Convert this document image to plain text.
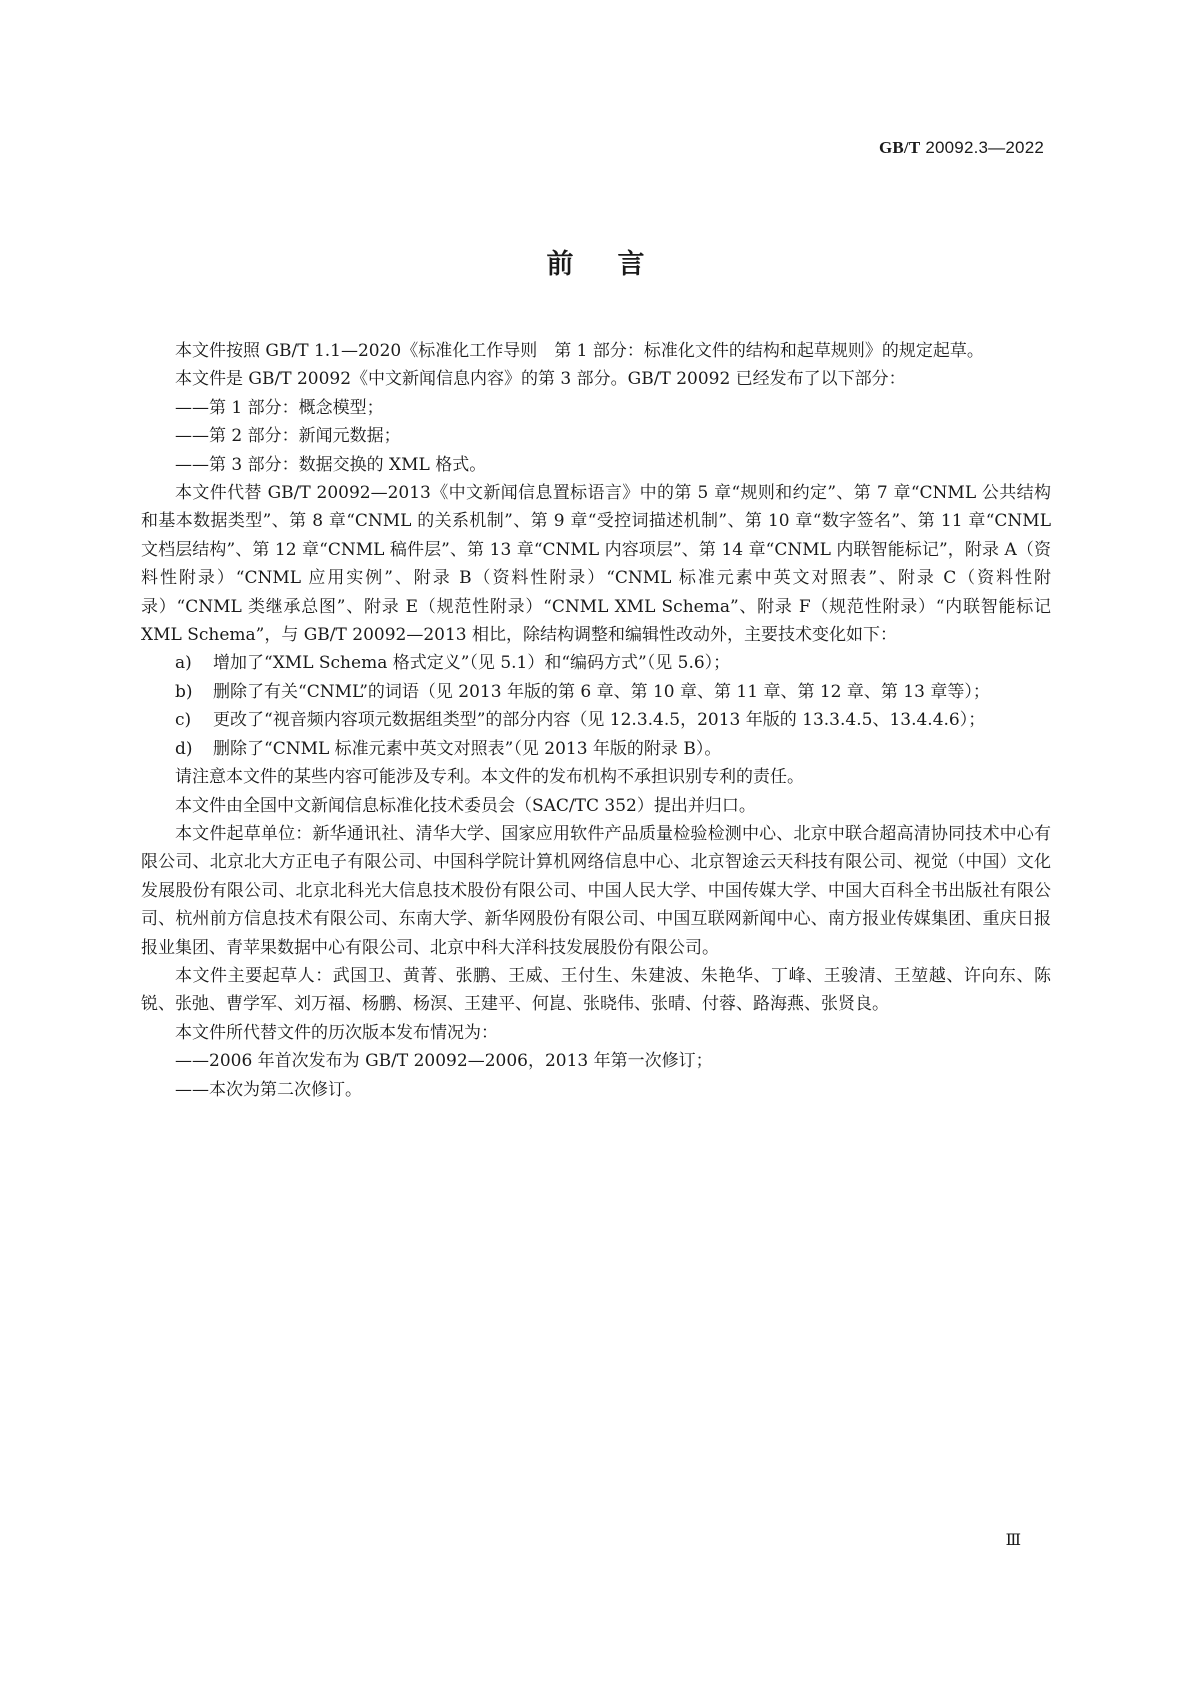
GB/T 20092.3—2022
前言

本文件按照 GB/T 1.1—2020《标准化工作导则　第 1 部分：标准化文件的结构和起草规则》的规定起草。

本文件是 GB/T 20092《中文新闻信息内容》的第 3 部分。GB/T 20092 已经发布了以下部分：

——第 1 部分：概念模型；

——第 2 部分：新闻元数据；

——第 3 部分：数据交换的 XML 格式。

本文件代替 GB/T 20092—2013《中文新闻信息置标语言》中的第 5 章“规则和约定”、第 7 章“CNML 公共结构和基本数据类型”、第 8 章“CNML 的关系机制”、第 9 章“受控词描述机制”、第 10 章“数字签名”、第 11 章“CNML 文档层结构”、第 12 章“CNML 稿件层”、第 13 章“CNML 内容项层”、第 14 章“CNML 内联智能标记”，附录 A（资料性附录）“CNML 应用实例”、附录 B（资料性附录）“CNML 标准元素中英文对照表”、附录 C（资料性附录）“CNML 类继承总图”、附录 E（规范性附录）“CNML XML Schema”、附录 F（规范性附录）“内联智能标记 XML Schema”，与 GB/T 20092—2013 相比，除结构调整和编辑性改动外，主要技术变化如下：

a) 增加了“XML Schema 格式定义”（见 5.1）和“编码方式”（见 5.6）；

b) 删除了有关“CNML”的词语（见 2013 年版的第 6 章、第 10 章、第 11 章、第 12 章、第 13 章等）；

c) 更改了“视音频内容项元数据组类型”的部分内容（见 12.3.4.5，2013 年版的 13.3.4.5、13.4.4.6）；

d) 删除了“CNML 标准元素中英文对照表”（见 2013 年版的附录 B）。

请注意本文件的某些内容可能涉及专利。本文件的发布机构不承担识别专利的责任。

本文件由全国中文新闻信息标准化技术委员会（SAC/TC 352）提出并归口。

本文件起草单位：新华通讯社、清华大学、国家应用软件产品质量检验检测中心、北京中联合超高清协同技术中心有限公司、北京北大方正电子有限公司、中国科学院计算机网络信息中心、北京智途云天科技有限公司、视觉（中国）文化发展股份有限公司、北京北科光大信息技术股份有限公司、中国人民大学、中国传媒大学、中国大百科全书出版社有限公司、杭州前方信息技术有限公司、东南大学、新华网股份有限公司、中国互联网新闻中心、南方报业传媒集团、重庆日报报业集团、青苹果数据中心有限公司、北京中科大洋科技发展股份有限公司。

本文件主要起草人：武国卫、黄菁、张鹏、王威、王付生、朱建波、朱艳华、丁峰、王骏清、王堃越、许向东、陈锐、张弛、曹学军、刘万福、杨鹏、杨溟、王建平、何崑、张晓伟、张晴、付蓉、路海燕、张贤良。

本文件所代替文件的历次版本发布情况为：

——2006 年首次发布为 GB/T 20092—2006，2013 年第一次修订；

——本次为第二次修订。

Ⅲ
